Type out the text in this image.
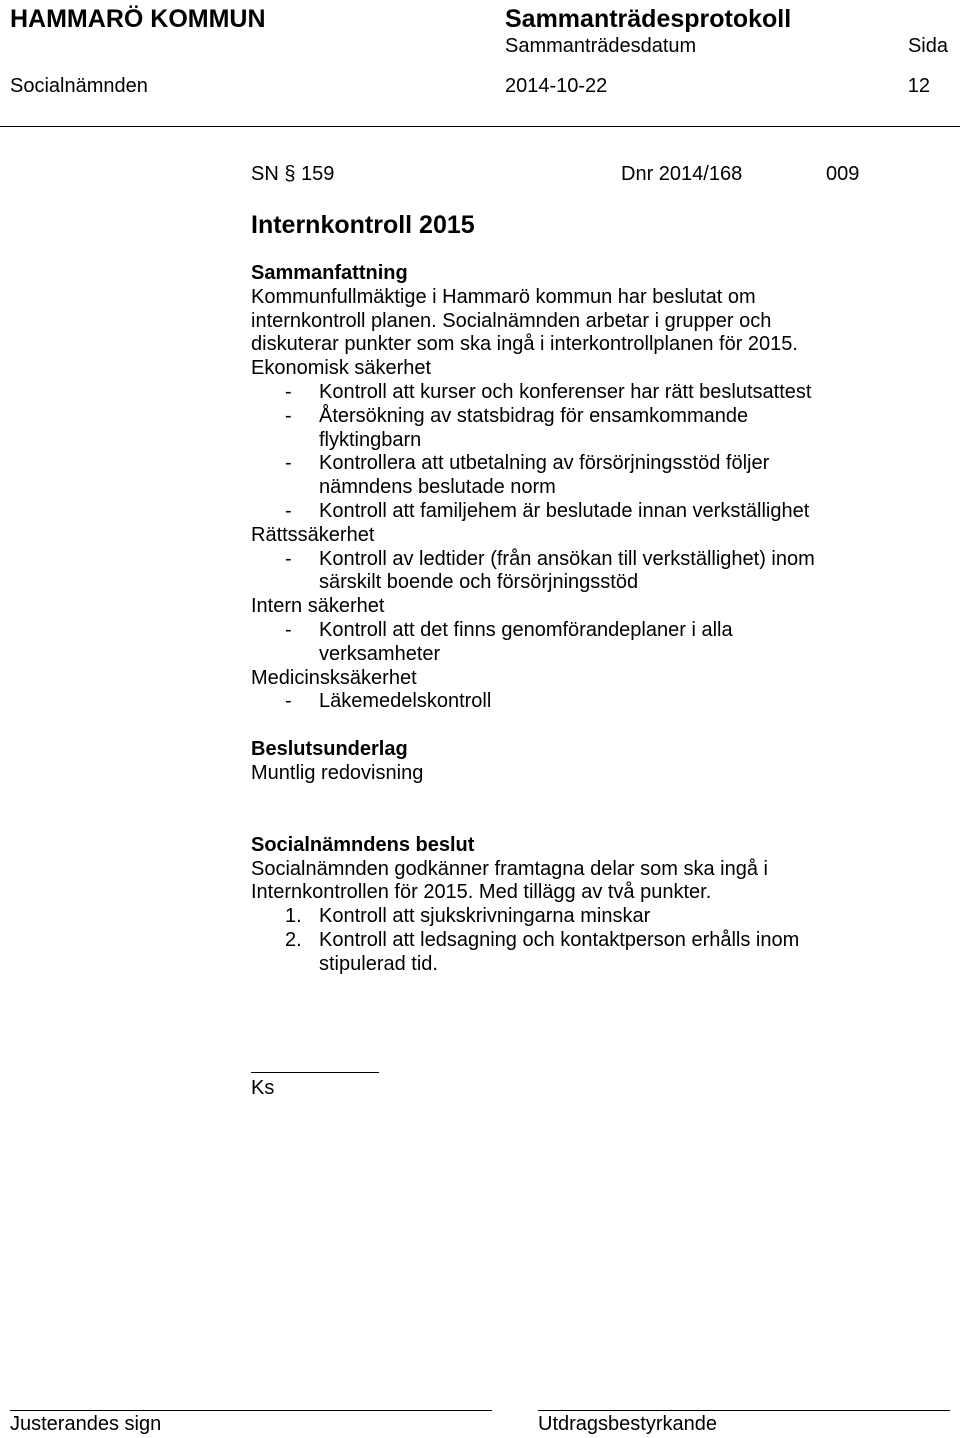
HAMMARÖ KOMMUN	Sammanträdesprotokoll
Sammanträdesdatum	Sida
Socialnämnden	2014-10-22	12
SN § 159	Dnr 2014/168	009
Internkontroll 2015

Sammanfattning

Kommunfullmäktige i Hammarö kommun har beslutat om

internkontroll planen. Socialnämnden arbetar i grupper och

diskuterar punkter som ska ingå i interkontrollplanen för 2015.

Ekonomisk säkerhet

- Kontroll att kurser och konferenser har rätt beslutsattest
- Återsökning av statsbidrag för ensamkommande
flyktingbarn
- Kontrollera att utbetalning av försörjningsstöd följer
nämndens beslutade norm
- Kontroll att familjehem är beslutade innan verkställighet

Rättssäkerhet

- Kontroll av ledtider (från ansökan till verkställighet) inom
särskilt boende och försörjningsstöd

Intern säkerhet

- Kontroll att det finns genomförandeplaner i alla
verksamheter

Medicinsksäkerhet

- Läkemedelskontroll

Beslutsunderlag

Muntlig redovisning

Socialnämndens beslut

Socialnämnden godkänner framtagna delar som ska ingå i

Internkontrollen för 2015. Med tillägg av två punkter.

1. Kontroll att sjukskrivningarna minskar
2. Kontroll att ledsagning och kontaktperson erhålls inom
stipulerad tid.
Ks
Justerandes sign	Utdragsbestyrkande
